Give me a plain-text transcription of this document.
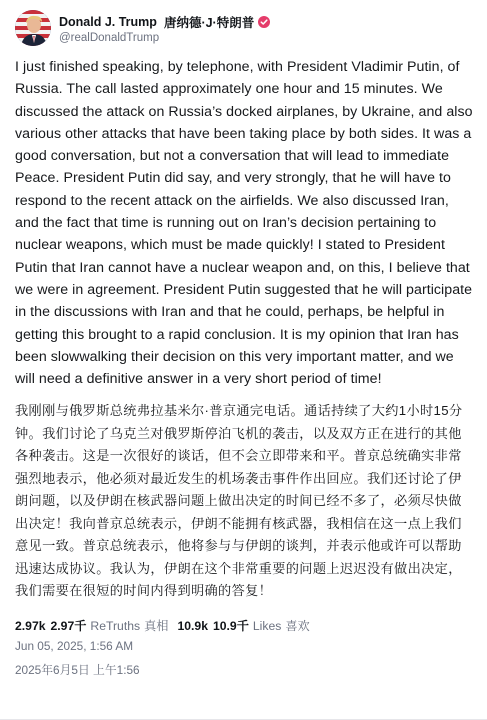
Donald J. Trump 唐纳德·J·特朗普
@realDonaldTrump
I just finished speaking, by telephone, with President Vladimir Putin, of Russia. The call lasted approximately one hour and 15 minutes. We discussed the attack on Russia’s docked airplanes, by Ukraine, and also various other attacks that have been taking place by both sides. It was a good conversation, but not a conversation that will lead to immediate Peace. President Putin did say, and very strongly, that he will have to respond to the recent attack on the airfields. We also discussed Iran, and the fact that time is running out on Iran’s decision pertaining to nuclear weapons, which must be made quickly! I stated to President Putin that Iran cannot have a nuclear weapon and, on this, I believe that we were in agreement. President Putin suggested that he will participate in the discussions with Iran and that he could, perhaps, be helpful in getting this brought to a rapid conclusion. It is my opinion that Iran has been slowwalking their decision on this very important matter, and we will need a definitive answer in a very short period of time!
我刚刚与俄罗斯总统弗拉基米尔·普京通完电话。通话持续了大约1小时15分钟。我们讨论了乌克兰对俄罗斯停泊飞机的袭击，以及双方正在进行的其他各种袭击。这是一次很好的谈话，但不会立即带来和平。普京总统确实非常强烈地表示，他必须对最近发生的机场袭击事件作出回应。我们还讨论了伊朗问题，以及伊朗在核武器问题上做出决定的时间已经不多了，必须尽快做出决定！我向普京总统表示，伊朗不能拥有核武器，我相信在这一点上我们意见一致。普京总统表示，他将参与与伊朗的谈判，并表示他或许可以帮助迅速达成协议。我认为，伊朗在这个非常重要的问题上迟迟没有做出决定，我们需要在很短的时间内得到明确的答复！
2.97k 2.97千 ReTruths 真相 10.9k 10.9千 Likes 喜欢
Jun 05, 2025, 1:56 AM
2025年6月5日 上午1:56
